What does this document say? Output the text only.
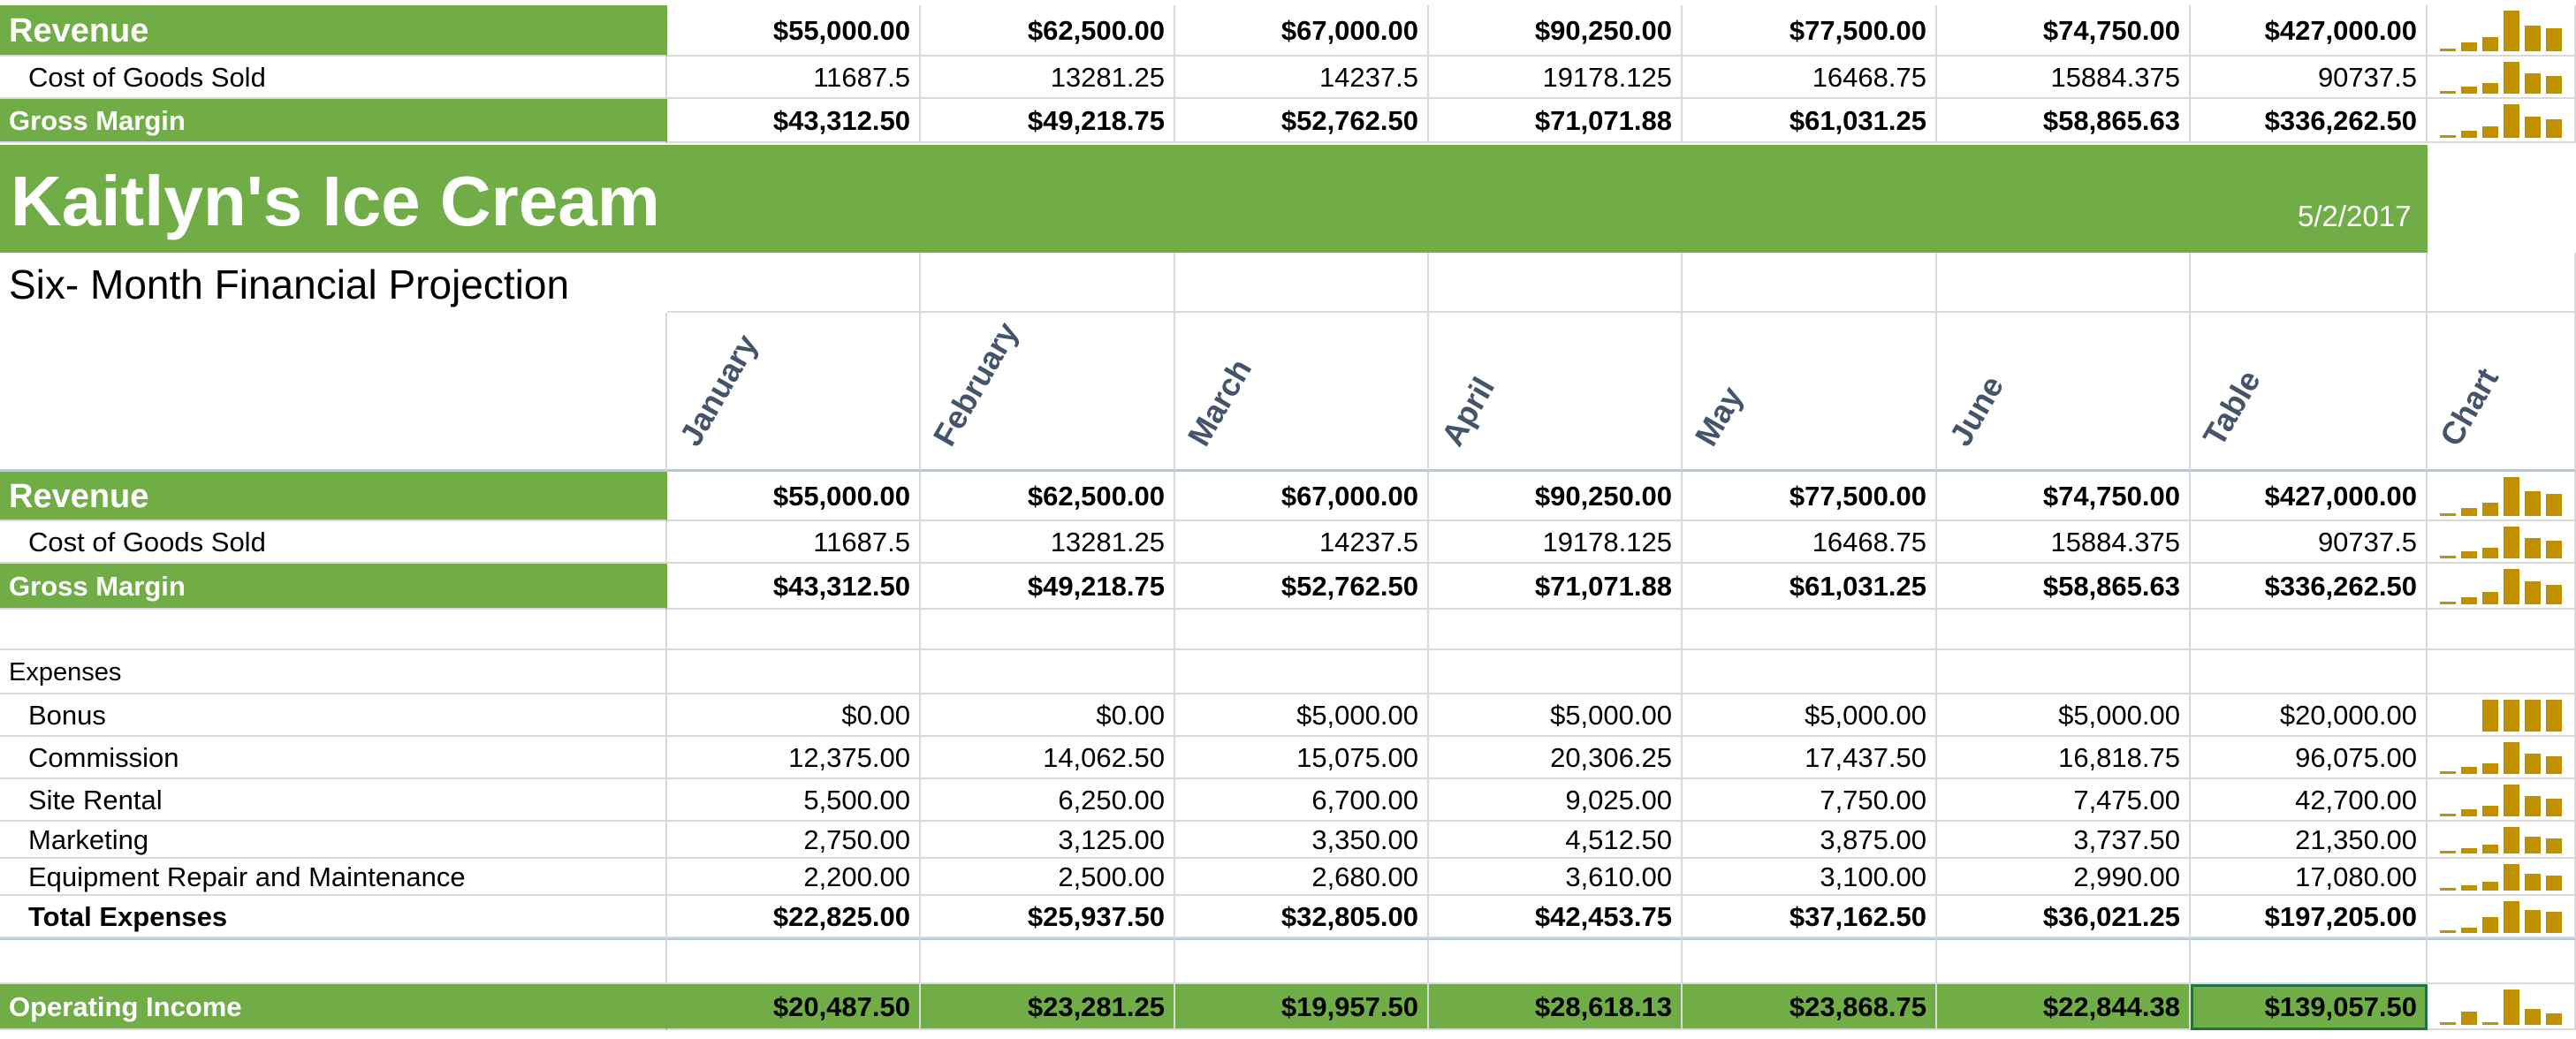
Revenue	$55,000.00	$62,500.00	$67,000.00	$90,250.00	$77,500.00	$74,750.00	$427,000.00
Cost of Goods Sold	11687.5	13281.25	14237.5	19178.125	16468.75	15884.375	90737.5
Gross Margin	$43,312.50	$49,218.75	$52,762.50	$71,071.88	$61,031.25	$58,865.63	$336,262.50
Kaitlyn's Ice Cream	5/2/2017
Six- Month Financial Projection
January	February	March	April	May	June	Table	Chart
Revenue	$55,000.00	$62,500.00	$67,000.00	$90,250.00	$77,500.00	$74,750.00	$427,000.00
Cost of Goods Sold	11687.5	13281.25	14237.5	19178.125	16468.75	15884.375	90737.5
Gross Margin	$43,312.50	$49,218.75	$52,762.50	$71,071.88	$61,031.25	$58,865.63	$336,262.50
Expenses
Bonus	$0.00	$0.00	$5,000.00	$5,000.00	$5,000.00	$5,000.00	$20,000.00
Commission	12,375.00	14,062.50	15,075.00	20,306.25	17,437.50	16,818.75	96,075.00
Site Rental	5,500.00	6,250.00	6,700.00	9,025.00	7,750.00	7,475.00	42,700.00
Marketing	2,750.00	3,125.00	3,350.00	4,512.50	3,875.00	3,737.50	21,350.00
Equipment Repair and Maintenance	2,200.00	2,500.00	2,680.00	3,610.00	3,100.00	2,990.00	17,080.00
Total Expenses	$22,825.00	$25,937.50	$32,805.00	$42,453.75	$37,162.50	$36,021.25	$197,205.00
Operating Income	$20,487.50	$23,281.25	$19,957.50	$28,618.13	$23,868.75	$22,844.38	$139,057.50
